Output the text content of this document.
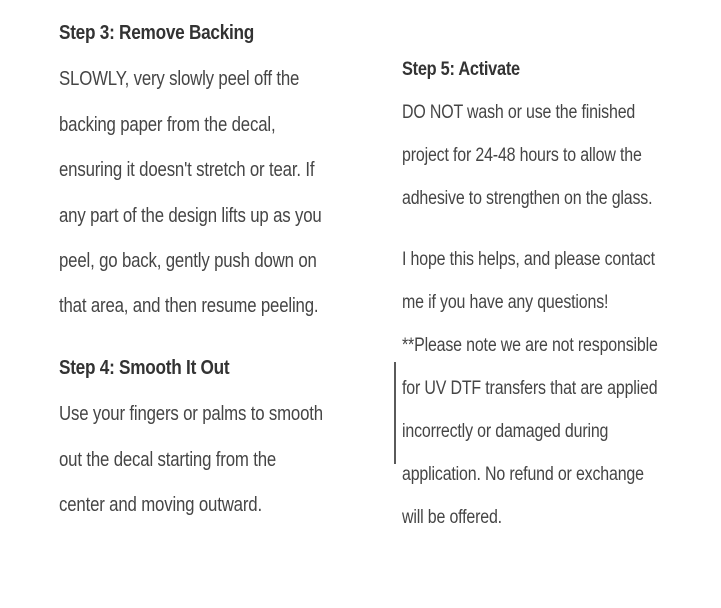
Step 3: Remove Backing

SLOWLY, very slowly peel off the

backing paper from the decal,

ensuring it doesn't stretch or tear. If

any part of the design lifts up as you

peel, go back, gently push down on

that area, and then resume peeling.

Step 4: Smooth It Out

Use your fingers or palms to smooth

out the decal starting from the

center and moving outward.

Step 5: Activate

DO NOT wash or use the finished

project for 24-48 hours to allow the

adhesive to strengthen on the glass.

I hope this helps, and please contact

me if you have any questions!

**Please note we are not responsible

for UV DTF transfers that are applied

incorrectly or damaged during

application. No refund or exchange

will be offered.
